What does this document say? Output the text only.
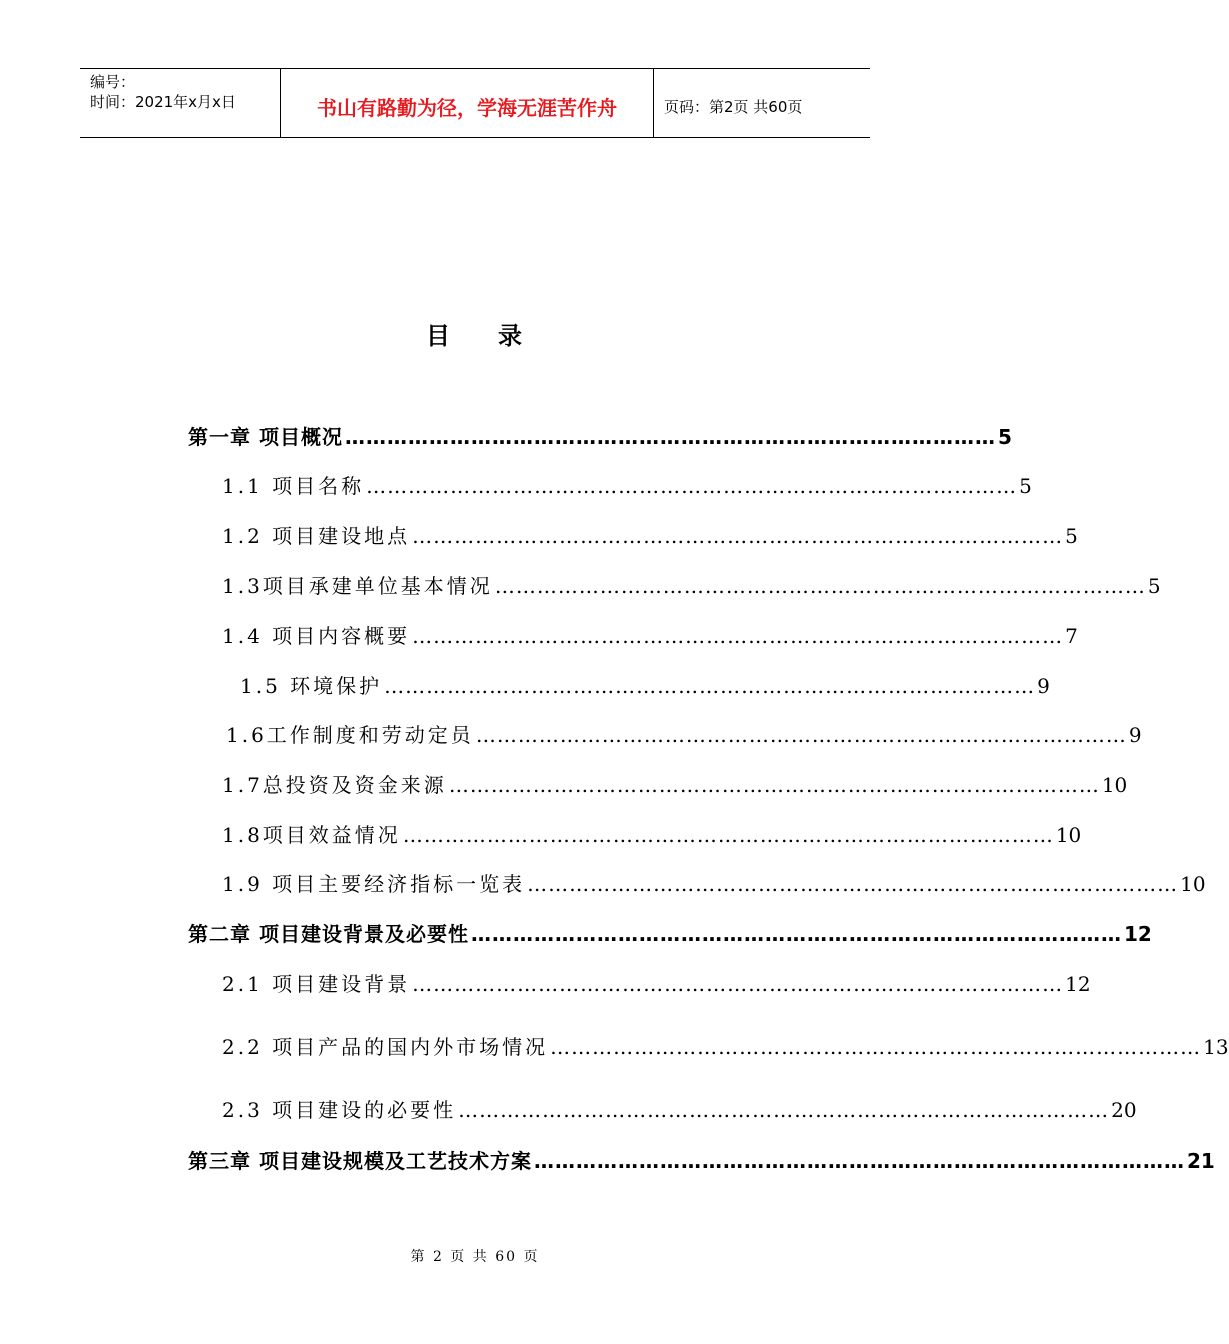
编号：
时间：2021年x月x日	书山有路勤为径，学海无涯苦作舟	页码：第2页 共60页
目 录
第一章 项目概况 ………………………………………………………………………………… 5
1.1 项目名称 ………………………………………………………………………………… 5
1.2 项目建设地点 ………………………………………………………………………………… 5
1.3项目承建单位基本情况 ………………………………………………………………………………… 5
1.4 项目内容概要 ………………………………………………………………………………… 7
1.5 环境保护 ………………………………………………………………………………… 9
1.6工作制度和劳动定员 ………………………………………………………………………………… 9
1.7总投资及资金来源 ………………………………………………………………………………… 10
1.8项目效益情况 ………………………………………………………………………………… 10
1.9 项目主要经济指标一览表 ………………………………………………………………………………… 10
第二章 项目建设背景及必要性 ………………………………………………………………………………… 12
2.1 项目建设背景 ………………………………………………………………………………… 12
2.2 项目产品的国内外市场情况 ………………………………………………………………………………… 13
2.3 项目建设的必要性 ………………………………………………………………………………… 20
第三章 项目建设规模及工艺技术方案 ………………………………………………………………………………… 21
第 2 页 共 60 页
